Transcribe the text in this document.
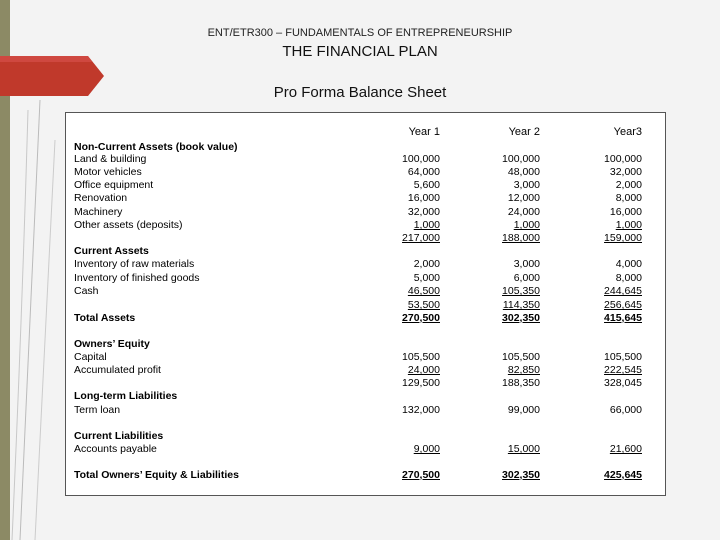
ENT/ETR300 – FUNDAMENTALS OF ENTREPRENEURSHIP
THE FINANCIAL PLAN
Pro Forma Balance Sheet
Year 1	Year 2	Year3
Non-Current Assets (book value)
Land & building	100,000	100,000	100,000
Motor vehicles	64,000	48,000	32,000
Office equipment	5,600	3,000	2,000
Renovation	16,000	12,000	8,000
Machinery	32,000	24,000	16,000
Other assets (deposits)	1,000	1,000	1,000
217,000	188,000	159,000
Current Assets
Inventory of raw materials	2,000	3,000	4,000
Inventory of finished goods	5,000	6,000	8,000
Cash	46,500	105,350	244,645
53,500	114,350	256,645
Total Assets	270,500	302,350	415,645
Owners’ Equity
Capital	105,500	105,500	105,500
Accumulated profit	24,000	82,850	222,545
129,500	188,350	328,045
Long-term Liabilities
Term loan	132,000	99,000	66,000
Current Liabilities
Accounts payable	9,000	15,000	21,600
Total Owners’ Equity & Liabilities	270,500	302,350	425,645
